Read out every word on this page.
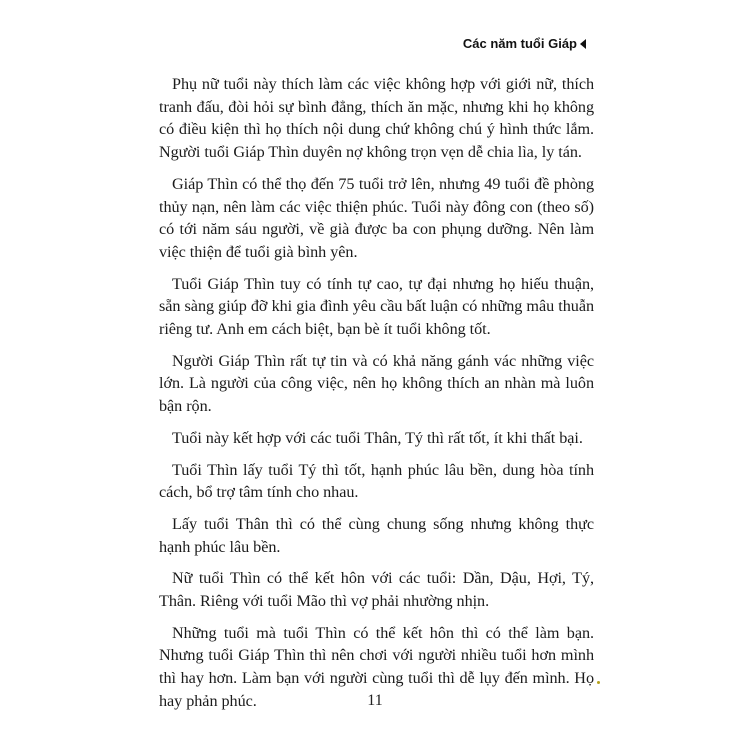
Các năm tuổi Giáp

Phụ nữ tuổi này thích làm các việc không hợp với giới nữ, thích tranh đấu, đòi hỏi sự bình đẳng, thích ăn mặc, nhưng khi họ không có điều kiện thì họ thích nội dung chứ không chú ý hình thức lắm. Người tuổi Giáp Thìn duyên nợ không trọn vẹn dễ chia lìa, ly tán.

Giáp Thìn có thể thọ đến 75 tuổi trở lên, nhưng 49 tuổi đề phòng thủy nạn, nên làm các việc thiện phúc. Tuổi này đông con (theo số) có tới năm sáu người, về già được ba con phụng dưỡng. Nên làm việc thiện để tuổi già bình yên.

Tuổi Giáp Thìn tuy có tính tự cao, tự đại nhưng họ hiếu thuận, sẵn sàng giúp đỡ khi gia đình yêu cầu bất luận có những mâu thuẫn riêng tư. Anh em cách biệt, bạn bè ít tuổi không tốt.

Người Giáp Thìn rất tự tin và có khả năng gánh vác những việc lớn. Là người của công việc, nên họ không thích an nhàn mà luôn bận rộn.

Tuổi này kết hợp với các tuổi Thân, Tý thì rất tốt, ít khi thất bại.

Tuổi Thìn lấy tuổi Tý thì tốt, hạnh phúc lâu bền, dung hòa tính cách, bổ trợ tâm tính cho nhau.

Lấy tuổi Thân thì có thể cùng chung sống nhưng không thực hạnh phúc lâu bền.

Nữ tuổi Thìn có thể kết hôn với các tuổi: Dần, Dậu, Hợi, Tý, Thân. Riêng với tuổi Mão thì vợ phải nhường nhịn.

Những tuổi mà tuổi Thìn có thể kết hôn thì có thể làm bạn. Nhưng tuổi Giáp Thìn thì nên chơi với người nhiều tuổi hơn mình thì hay hơn. Làm bạn với người cùng tuổi thì dễ lụy đến mình. Họ hay phản phúc.	11
